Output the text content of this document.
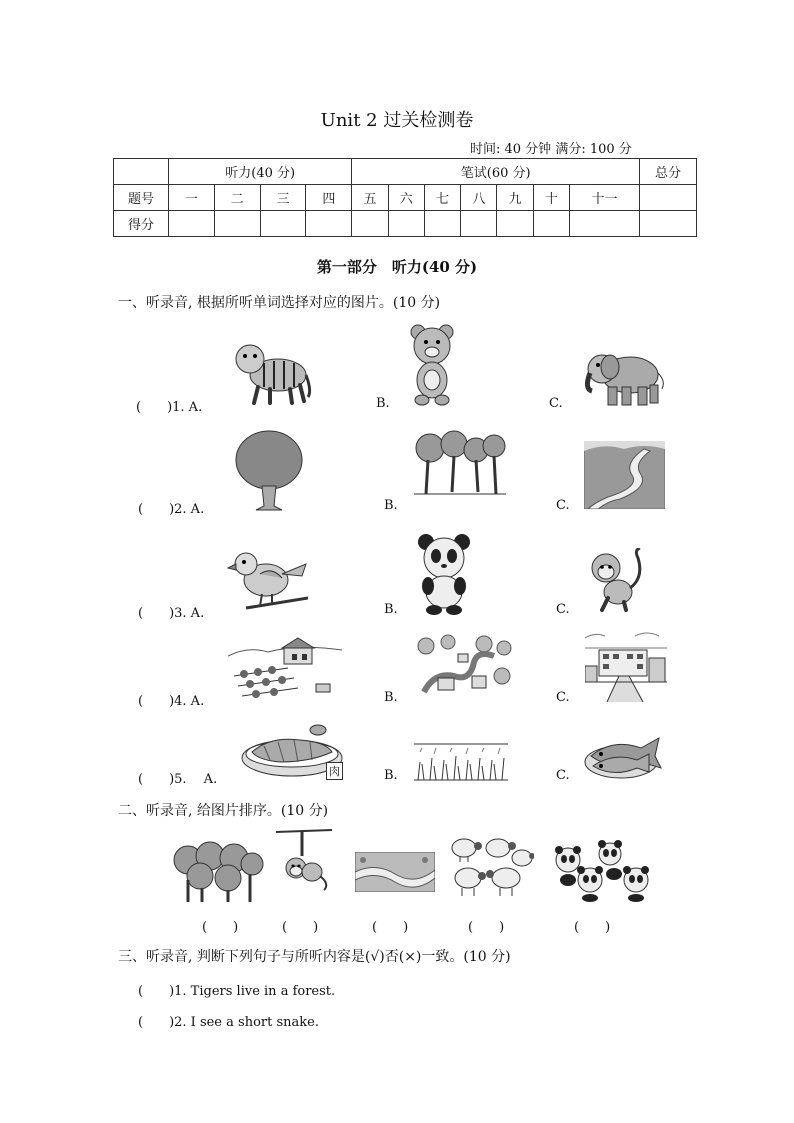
Unit 2 过关检测卷
时间: 40 分钟 满分: 100 分
	听力(40 分)				笔试(60 分)							总分
题号	一	二	三	四	五	六	七	八	九	十	十一	
得分												
第一部分　听力(40 分)
一、听录音, 根据所听单词选择对应的图片。(10 分)
(　　)1. A.	B.	C.
(　　)2. A.	B.	C.
(　　)3. A.	B.	C.
(　　)4. A.	B.	C.
(　　)5.　 A.
肉	B.	C.
二、听录音, 给图片排序。(10 分)
(　　)	(　　)	(　　)	(　　)	(　　)
三、听录音, 判断下列句子与所听内容是(√)否(×)一致。(10 分)
(　　)1. Tigers live in a forest.
(　　)2. I see a short snake.
